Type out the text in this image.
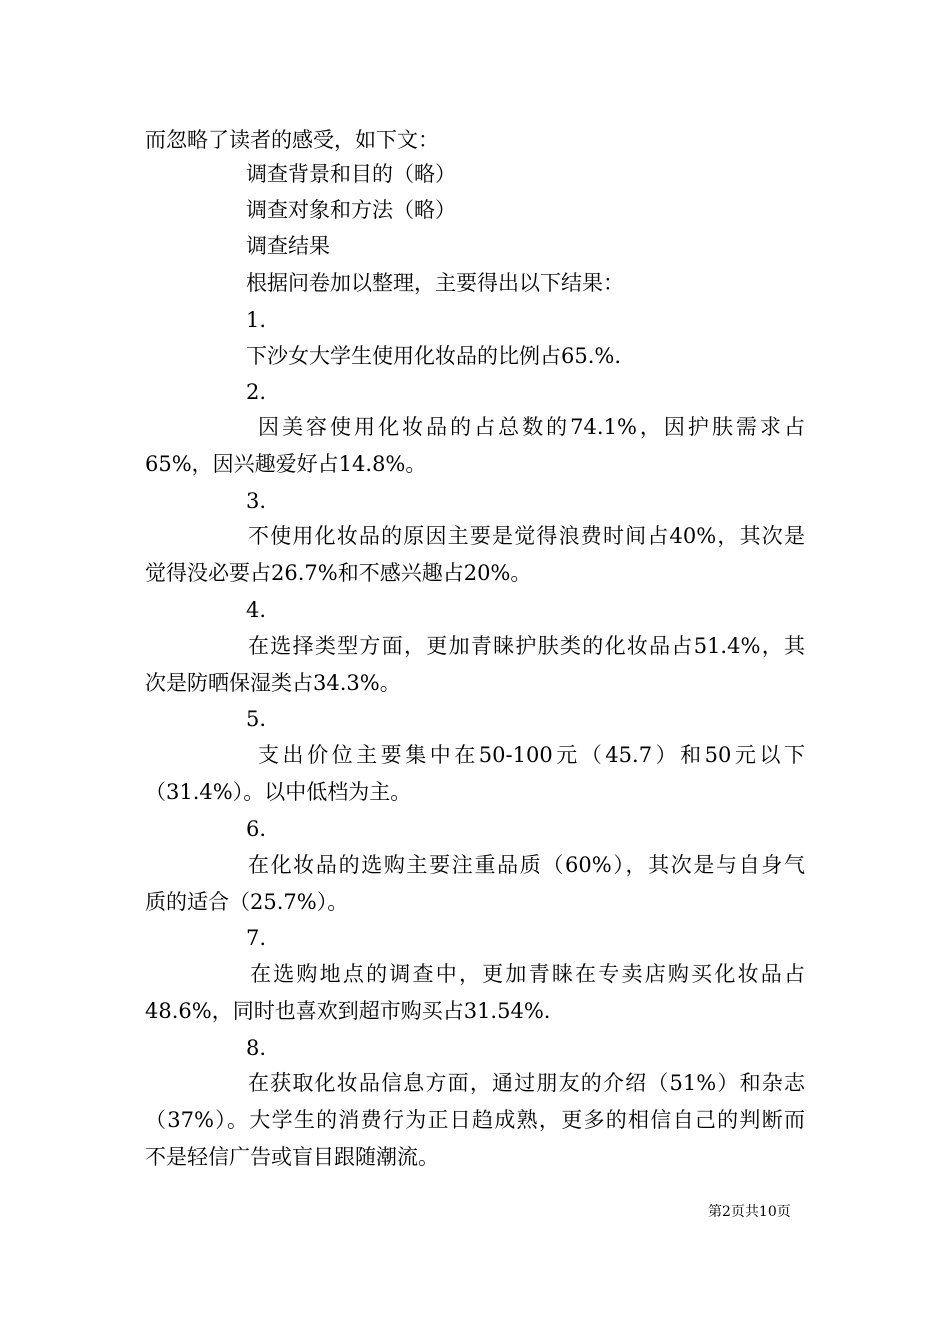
而忽略了读者的感受，如下文：
调查背景和目的（略）
调查对象和方法（略）
调查结果
根据问卷加以整理，主要得出以下结果：
1.
下沙女大学生使用化妆品的比例占65.%.
2.
因美容使用化妆品的占总数的74.1%，因护肤需求占
65%，因兴趣爱好占14.8%。
3.
不使用化妆品的原因主要是觉得浪费时间占40%，其次是
觉得没必要占26.7%和不感兴趣占20%。
4.
在选择类型方面，更加青睐护肤类的化妆品占51.4%，其
次是防晒保湿类占34.3%。
5.
支出价位主要集中在50-100元（45.7）和50元以下
（31.4%）。以中低档为主。
6.
在化妆品的选购主要注重品质（60%），其次是与自身气
质的适合（25.7%）。
7.
在选购地点的调查中，更加青睐在专卖店购买化妆品占
48.6%，同时也喜欢到超市购买占31.54%.
8.
在获取化妆品信息方面，通过朋友的介绍（51%）和杂志
（37%）。大学生的消费行为正日趋成熟，更多的相信自己的判断而
不是轻信广告或盲目跟随潮流。
第2页共10页
